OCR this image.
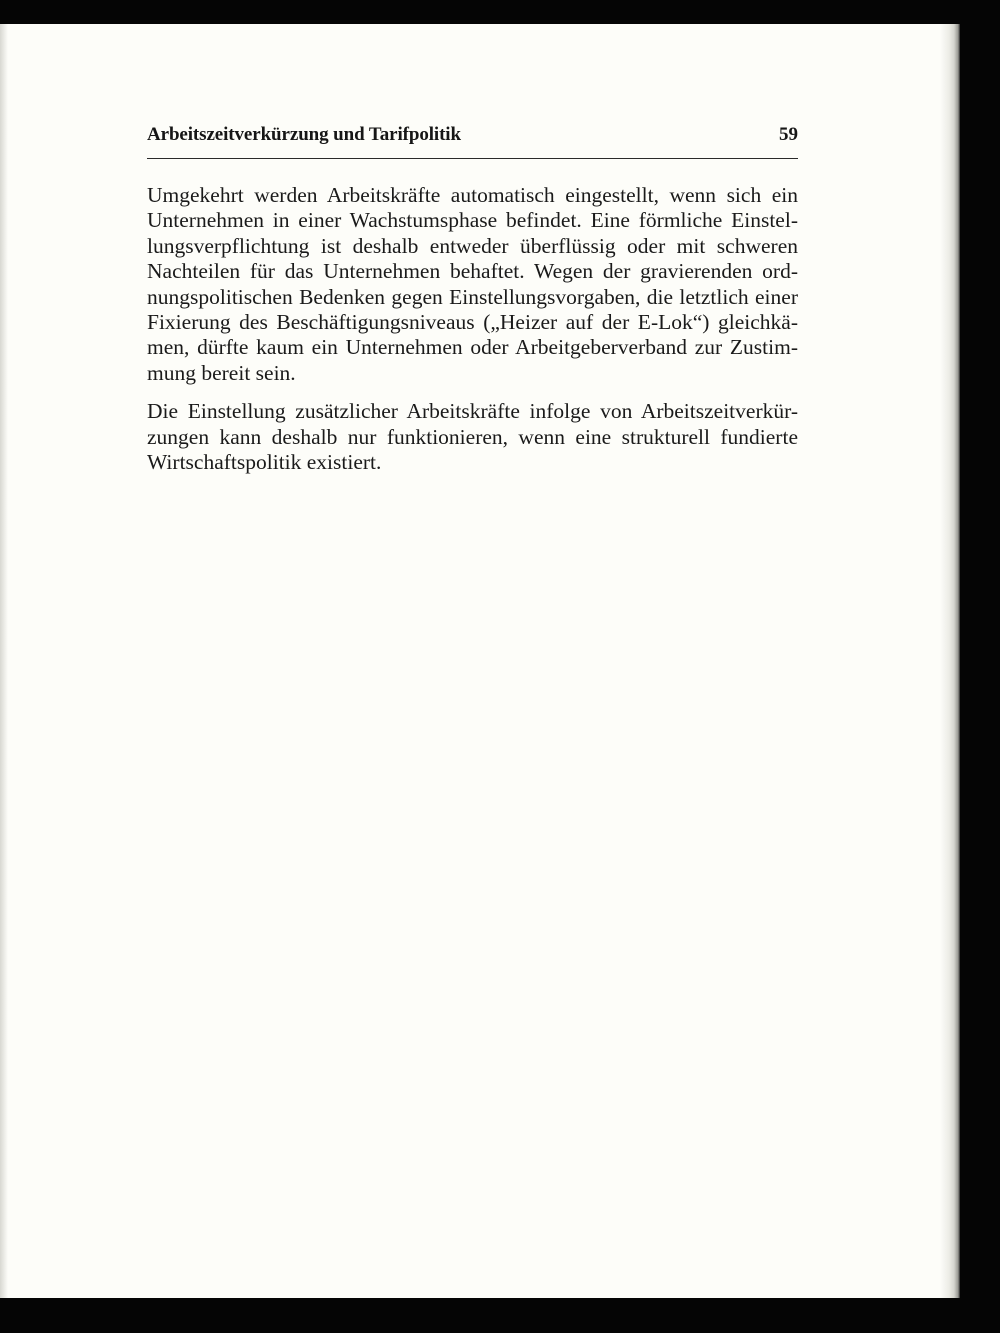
Arbeitszeitverkürzung und Tarifpolitik	59

Umgekehrt werden Arbeitskräfte automatisch eingestellt, wenn sich ein
Unternehmen in einer Wachstumsphase befindet. Eine förmliche Einstel-
lungsverpflichtung ist deshalb entweder überflüssig oder mit schweren
Nachteilen für das Unternehmen behaftet. Wegen der gravierenden ord-
nungspolitischen Bedenken gegen Einstellungsvorgaben, die letztlich einer
Fixierung des Beschäftigungsniveaus („Heizer auf der E-Lok“) gleichkä-
men, dürfte kaum ein Unternehmen oder Arbeitgeberverband zur Zustim-
mung bereit sein.

Die Einstellung zusätzlicher Arbeitskräfte infolge von Arbeitszeitverkür-
zungen kann deshalb nur funktionieren, wenn eine strukturell fundierte
Wirtschaftspolitik existiert.
